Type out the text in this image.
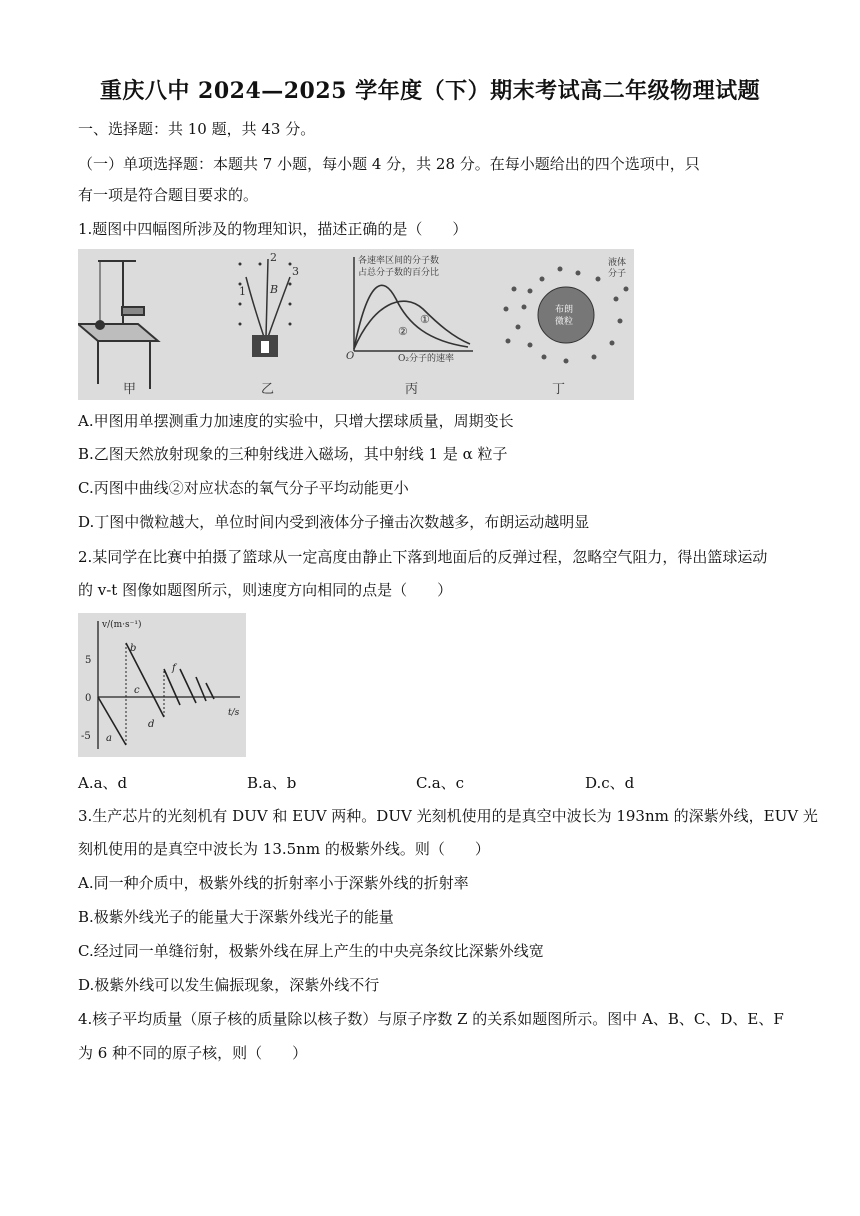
重庆八中 2024—2025 学年度（下）期末考试高二年级物理试题
一、选择题：共 10 题，共 43 分。
（一）单项选择题：本题共 7 小题，每小题 4 分，共 28 分。在每小题给出的四个选项中，只
有一项是符合题目要求的。
1.题图中四幅图所涉及的物理知识，描述正确的是（　　）
甲
1
2
3
B
乙
各速率区间的分子数
占总分子数的百分比
O₂分子的速率
O
①
②
丙
布朗
微粒
液体
分子
丁
A.甲图用单摆测重力加速度的实验中，只增大摆球质量，周期变长
B.乙图天然放射现象的三种射线进入磁场，其中射线 1 是 α 粒子
C.丙图中曲线②对应状态的氧气分子平均动能更小
D.丁图中微粒越大，单位时间内受到液体分子撞击次数越多，布朗运动越明显
2.某同学在比赛中拍摄了篮球从一定高度由静止下落到地面后的反弹过程，忽略空气阻力，得出篮球运动
的 v-t 图像如题图所示，则速度方向相同的点是（　　）
v/(m·s⁻¹)
t/s
5
0
-5 a
b
c
d
f
A.a、d	B.a、b	C.a、c	D.c、d
3.生产芯片的光刻机有 DUV 和 EUV 两种。DUV 光刻机使用的是真空中波长为 193nm 的深紫外线，EUV 光
刻机使用的是真空中波长为 13.5nm 的极紫外线。则（　　）
A.同一种介质中，极紫外线的折射率小于深紫外线的折射率
B.极紫外线光子的能量大于深紫外线光子的能量
C.经过同一单缝衍射，极紫外线在屏上产生的中央亮条纹比深紫外线宽
D.极紫外线可以发生偏振现象，深紫外线不行
4.核子平均质量（原子核的质量除以核子数）与原子序数 Z 的关系如题图所示。图中 A、B、C、D、E、F
为 6 种不同的原子核，则（　　）
